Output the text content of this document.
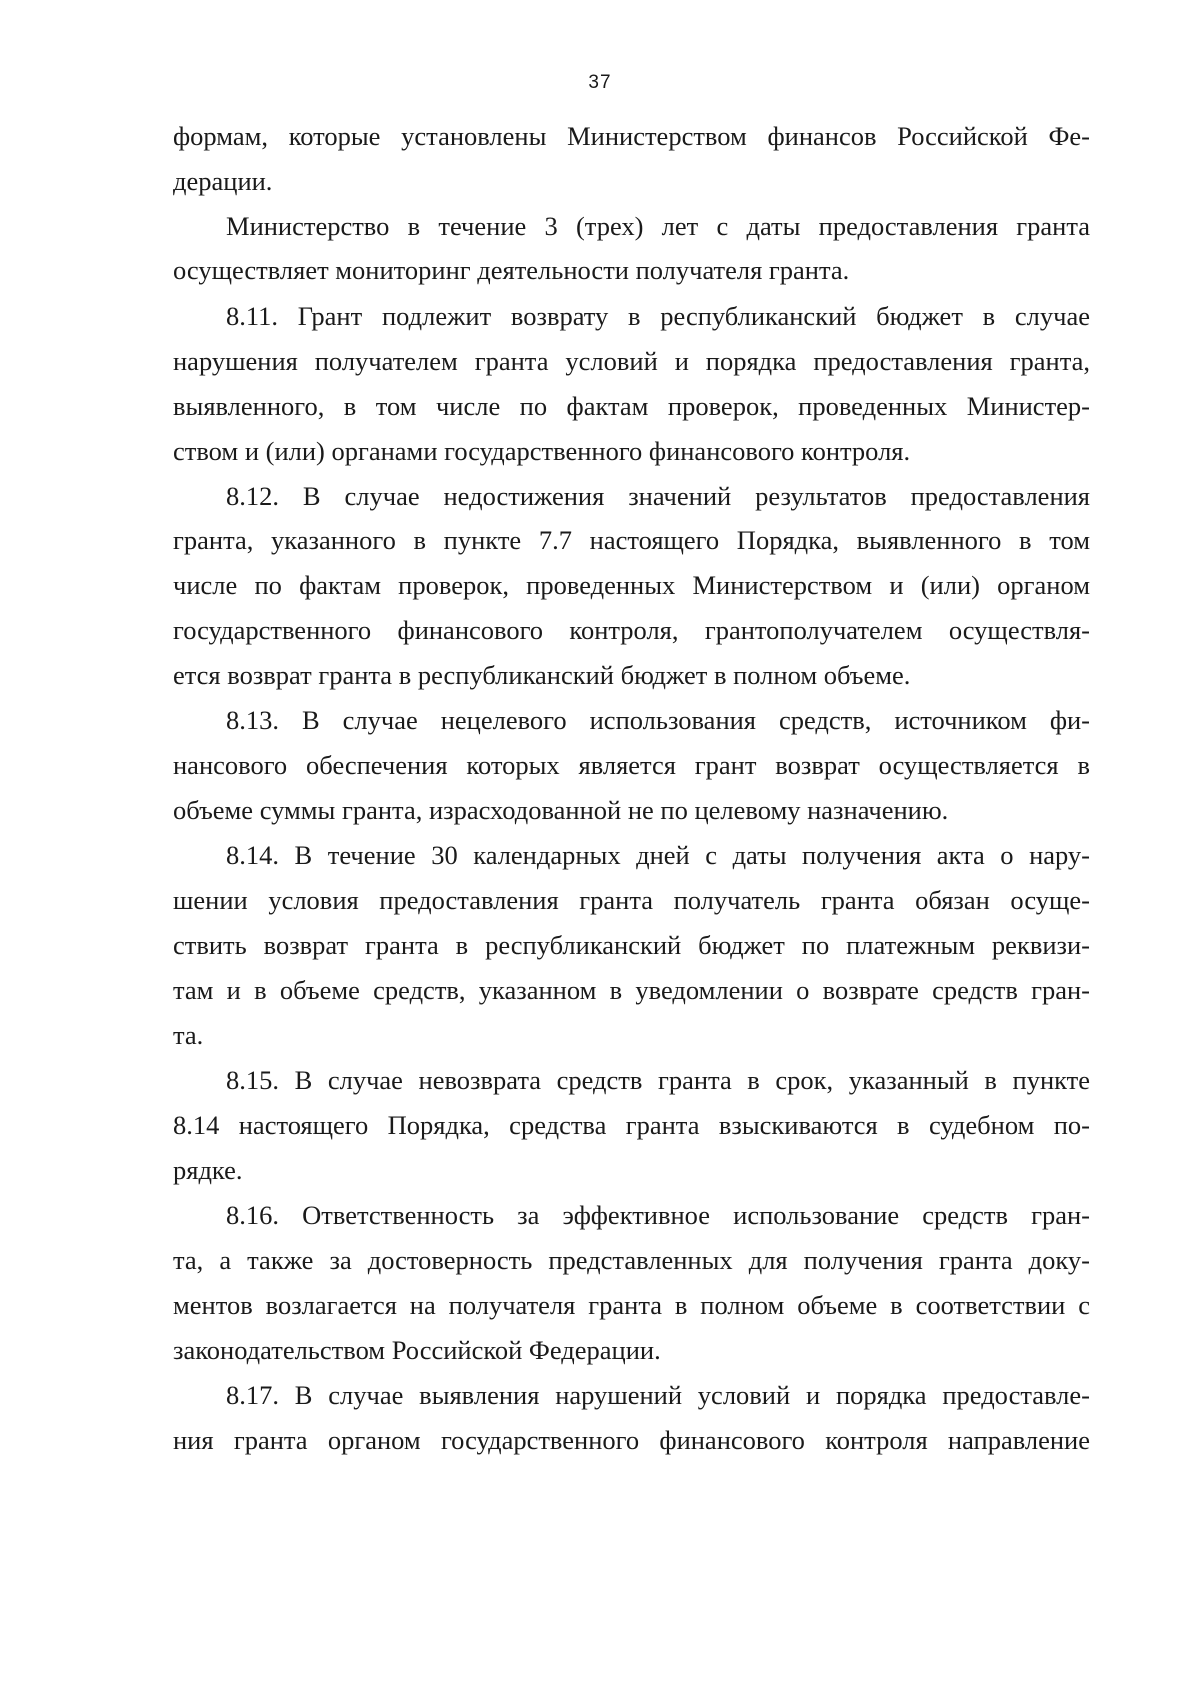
37
формам, которые установлены Министерством финансов Российской Фе-
дерации.
Министерство в течение 3 (трех) лет с даты предоставления гранта
осуществляет мониторинг деятельности получателя гранта.
8.11. Грант подлежит возврату в республиканский бюджет в случае
нарушения получателем гранта условий и порядка предоставления гранта,
выявленного, в том числе по фактам проверок, проведенных Министер-
ством и (или) органами государственного финансового контроля.
8.12. В случае недостижения значений результатов предоставления
гранта, указанного в пункте 7.7 настоящего Порядка, выявленного в том
числе по фактам проверок, проведенных Министерством и (или) органом
государственного финансового контроля, грантополучателем осуществля-
ется возврат гранта в республиканский бюджет в полном объеме.
8.13. В случае нецелевого использования средств, источником фи-
нансового обеспечения которых является грант возврат осуществляется в
объеме суммы гранта, израсходованной не по целевому назначению.
8.14. В течение 30 календарных дней с даты получения акта о нару-
шении условия предоставления гранта получатель гранта обязан осуще-
ствить возврат гранта в республиканский бюджет по платежным реквизи-
там и в объеме средств, указанном в уведомлении о возврате средств гран-
та.
8.15. В случае невозврата средств гранта в срок, указанный в пункте
8.14 настоящего Порядка, средства гранта взыскиваются в судебном по-
рядке.
8.16. Ответственность за эффективное использование средств гран-
та, а также за достоверность представленных для получения гранта доку-
ментов возлагается на получателя гранта в полном объеме в соответствии с
законодательством Российской Федерации.
8.17. В случае выявления нарушений условий и порядка предоставле-
ния гранта органом государственного финансового контроля направление
